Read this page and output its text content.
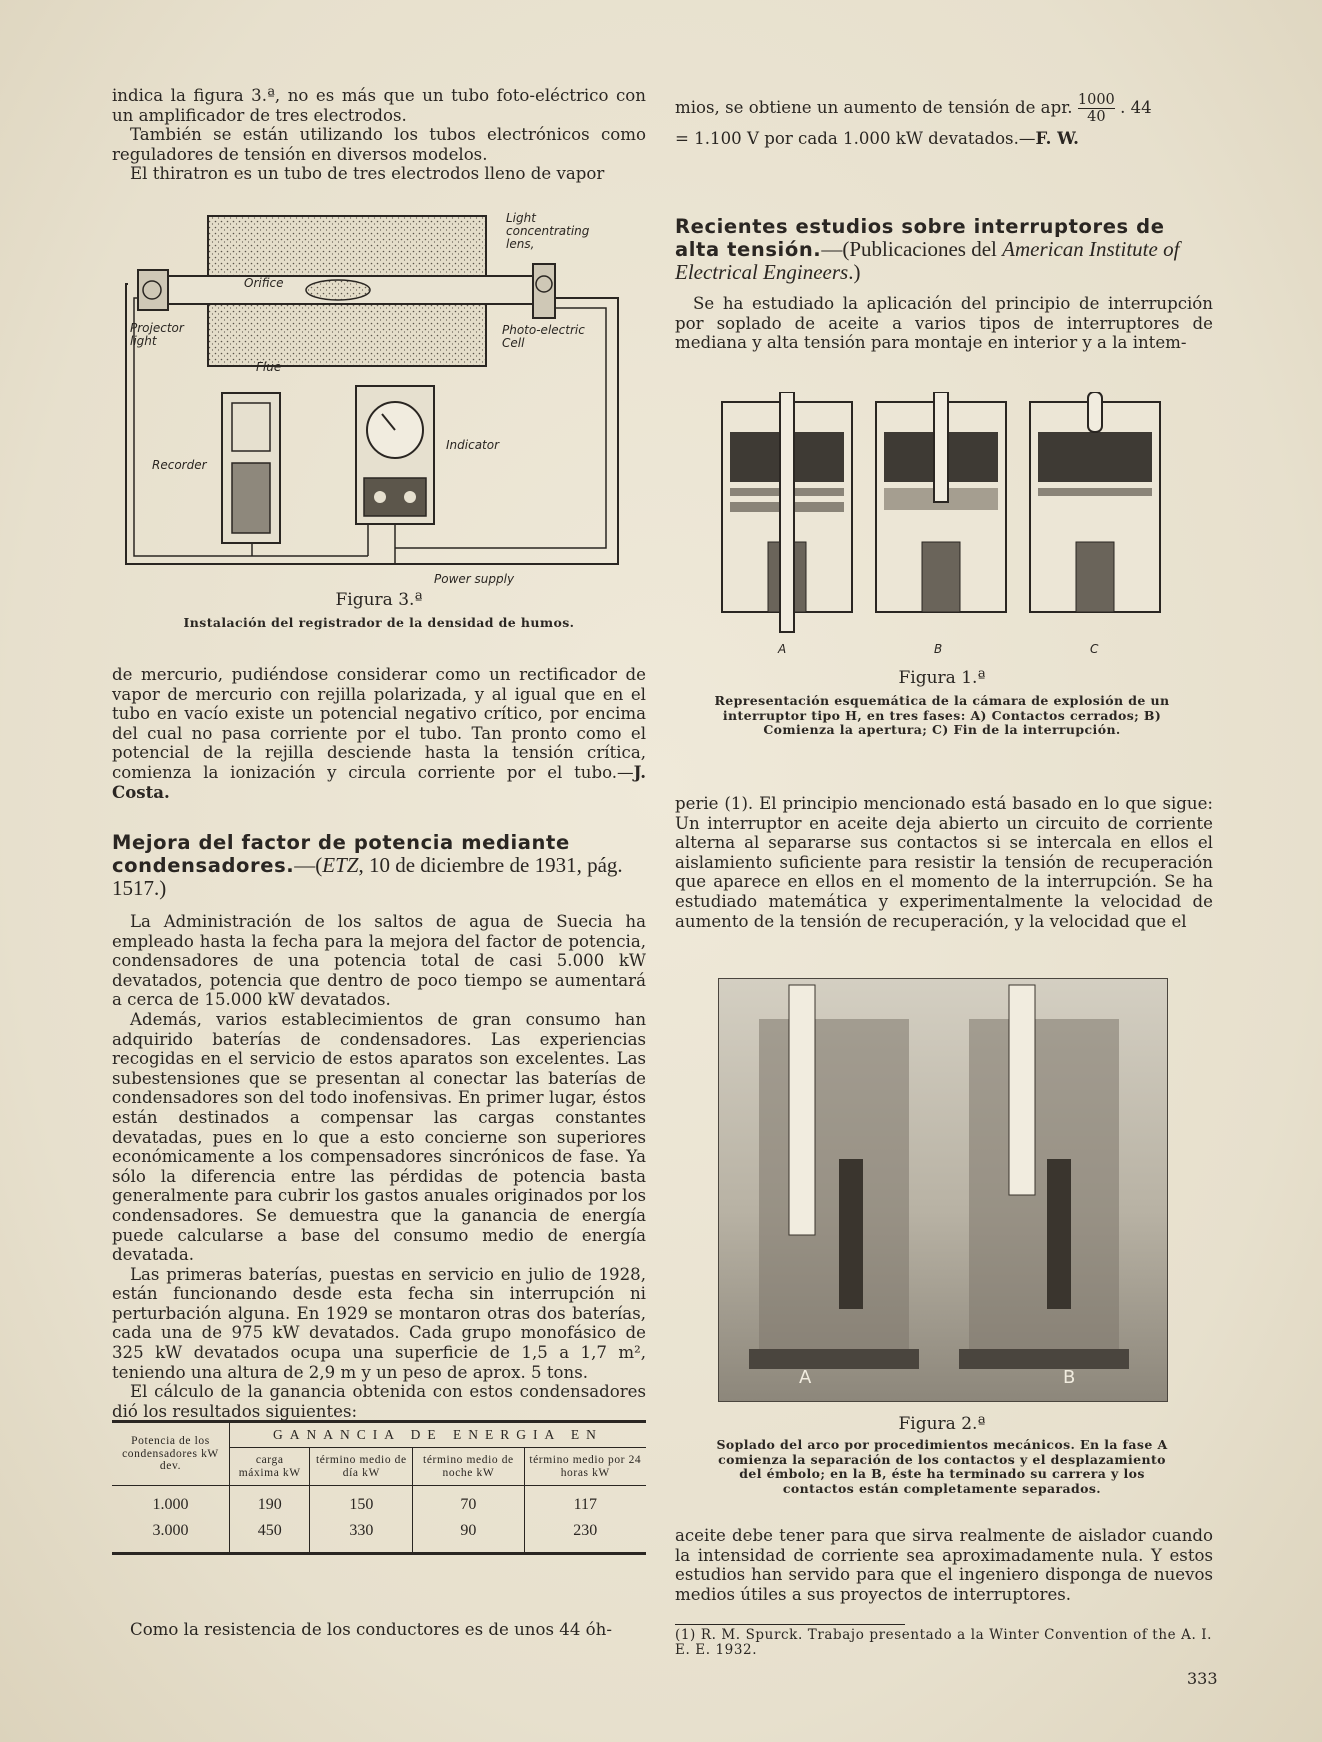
indica la figura 3.ª, no es más que un tubo foto-eléctrico con un amplificador de tres electrodos.

También se están utilizando los tubos electrónicos como reguladores de tensión en diversos modelos.

El thiratron es un tubo de tres electrodos lleno de vapor

Light concentrating lens,
Orifice
Projector light
Photo-electric Cell
Flue
Recorder
Indicator
Power supply
Figura 3.ª
Instalación del registrador de la densidad de humos.

de mercurio, pudiéndose considerar como un rectificador de vapor de mercurio con rejilla polarizada, y al igual que en el tubo en vacío existe un potencial negativo crítico, por encima del cual no pasa corriente por el tubo. Tan pronto como el potencial de la rejilla desciende hasta la tensión crítica, comienza la ionización y circula corriente por el tubo.—J. Costa.

Mejora del factor de potencia mediante condensadores.—(ETZ, 10 de diciembre de 1931, pág. 1517.)

La Administración de los saltos de agua de Suecia ha empleado hasta la fecha para la mejora del factor de potencia, condensadores de una potencia total de casi 5.000 kW devatados, potencia que dentro de poco tiempo se aumentará a cerca de 15.000 kW devatados.

Además, varios establecimientos de gran consumo han adquirido baterías de condensadores. Las experiencias recogidas en el servicio de estos aparatos son excelentes. Las subestensiones que se presentan al conectar las baterías de condensadores son del todo inofensivas. En primer lugar, éstos están destinados a compensar las cargas constantes devatadas, pues en lo que a esto concierne son superiores económicamente a los compensadores sincrónicos de fase. Ya sólo la diferencia entre las pérdidas de potencia basta generalmente para cubrir los gastos anuales originados por los condensadores. Se demuestra que la ganancia de energía puede calcularse a base del consumo medio de energía devatada.

Las primeras baterías, puestas en servicio en julio de 1928, están funcionando desde esta fecha sin interrupción ni perturbación alguna. En 1929 se montaron otras dos baterías, cada una de 975 kW devatados. Cada grupo monofásico de 325 kW devatados ocupa una superficie de 1,5 a 1,7 m², teniendo una altura de 2,9 m y un peso de aprox. 5 tons.

El cálculo de la ganancia obtenida con estos condensadores dió los resultados siguientes:

Potencia de los condensadores kW dev.	GANANCIA DE ENERGIA EN			
	carga máxima kW	término medio de día kW	término medio de noche kW	término medio por 24 horas kW
1.000	190	150	70	117
3.000	450	330	90	230

Como la resistencia de los conductores es de unos 44 óh-

mios, se obtiene un aumento de tensión de apr. $\frac{1000}{40}$ . 44

= 1.100 V por cada 1.000 kW devatados.—F. W.

Recientes estudios sobre interruptores de alta tensión.—(Publicaciones del American Institute of Electrical Engineers.)

Se ha estudiado la aplicación del principio de interrupción por soplado de aceite a varios tipos de interruptores de mediana y alta tensión para montaje en interior y a la intem-

A	B	C
Figura 1.ª
Representación esquemática de la cámara de explosión de un interruptor tipo H, en tres fases: A) Contactos cerrados; B) Comienza la apertura; C) Fin de la interrupción.

perie (1). El principio mencionado está basado en lo que sigue: Un interruptor en aceite deja abierto un circuito de corriente alterna al separarse sus contactos si se intercala en ellos el aislamiento suficiente para resistir la tensión de recuperación que aparece en ellos en el momento de la interrupción. Se ha estudiado matemática y experimentalmente la velocidad de aumento de la tensión de recuperación, y la velocidad que el

A	B
Figura 2.ª
Soplado del arco por procedimientos mecánicos. En la fase A comienza la separación de los contactos y el desplazamiento del émbolo; en la B, éste ha terminado su carrera y los contactos están completamente separados.

aceite debe tener para que sirva realmente de aislador cuando la intensidad de corriente sea aproximadamente nula. Y estos estudios han servido para que el ingeniero disponga de nuevos medios útiles a sus proyectos de interruptores.

(1) R. M. Spurck. Trabajo presentado a la Winter Convention of the A. I. E. E. 1932.
333
